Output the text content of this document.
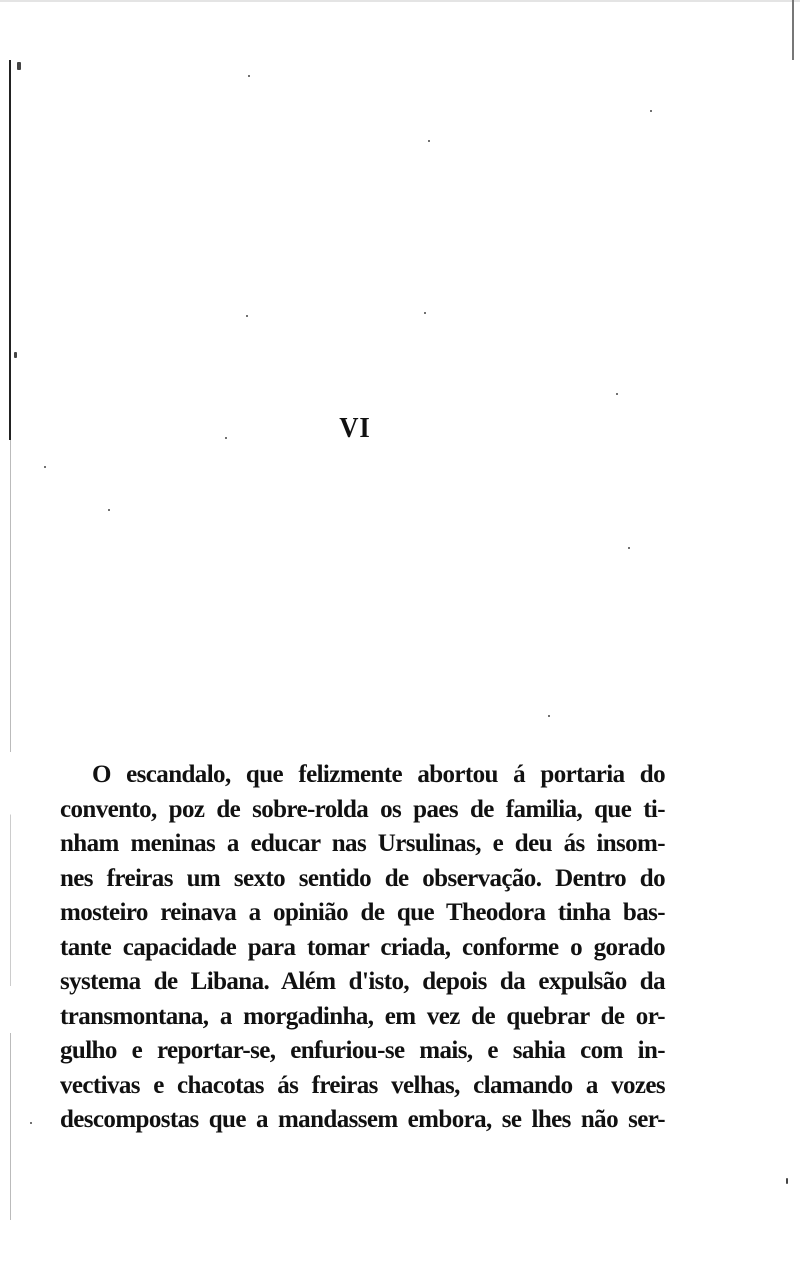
VI
O escandalo, que felizmente abortou á portaria do
convento, poz de sobre-rolda os paes de familia, que ti-
nham meninas a educar nas Ursulinas, e deu ás insom-
nes freiras um sexto sentido de observação. Dentro do
mosteiro reinava a opinião de que Theodora tinha bas-
tante capacidade para tomar criada, conforme o gorado
systema de Libana. Além d'isto, depois da expulsão da
transmontana, a morgadinha, em vez de quebrar de or-
gulho e reportar-se, enfuriou-se mais, e sahia com in-
vectivas e chacotas ás freiras velhas, clamando a vozes
descompostas que a mandassem embora, se lhes não ser-
